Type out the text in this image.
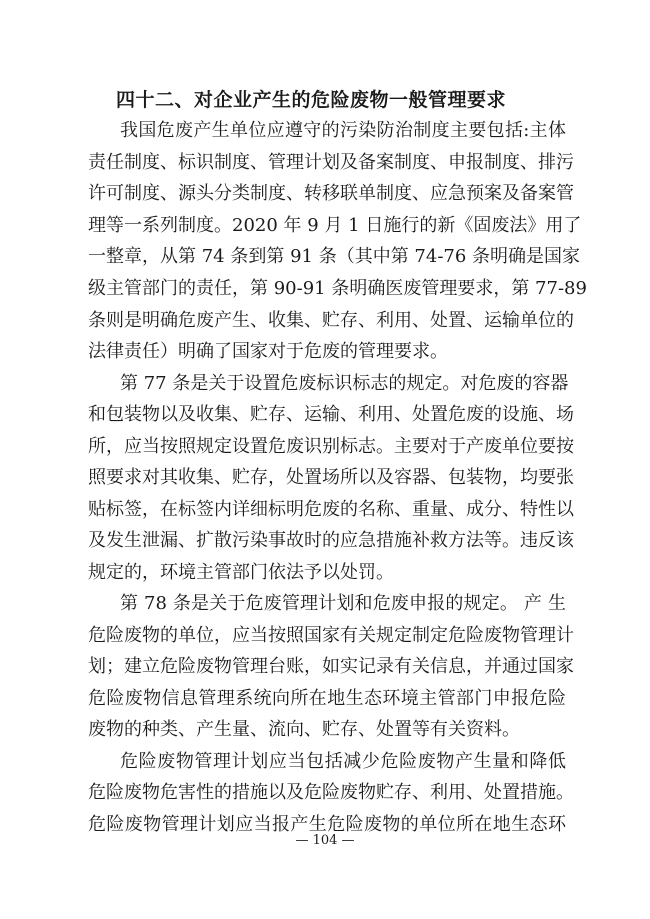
四十二、对企业产生的危险废物一般管理要求
我国危废产生单位应遵守的污染防治制度主要包括:主体
责任制度、标识制度、管理计划及备案制度、申报制度、排污
许可制度、源头分类制度、转移联单制度、应急预案及备案管
理等一系列制度。2020 年 9 月 1 日施行的新《固废法》用了
一整章，从第 74 条到第 91 条（其中第 74-76 条明确是国家
级主管部门的责任，第 90-91 条明确医废管理要求，第 77-89
条则是明确危废产生、收集、贮存、利用、处置、运输单位的
法律责任）明确了国家对于危废的管理要求。
第 77 条是关于设置危废标识标志的规定。对危废的容器
和包装物以及收集、贮存、运输、利用、处置危废的设施、场
所，应当按照规定设置危废识别标志。主要对于产废单位要按
照要求对其收集、贮存，处置场所以及容器、包装物，均要张
贴标签，在标签内详细标明危废的名称、重量、成分、特性以
及发生泄漏、扩散污染事故时的应急措施补救方法等。违反该
规定的，环境主管部门依法予以处罚。
第 78 条是关于危废管理计划和危废申报的规定。 产 生
危险废物的单位，应当按照国家有关规定制定危险废物管理计
划；建立危险废物管理台账，如实记录有关信息，并通过国家
危险废物信息管理系统向所在地生态环境主管部门申报危险
废物的种类、产生量、流向、贮存、处置等有关资料。
危险废物管理计划应当包括减少危险废物产生量和降低
危险废物危害性的措施以及危险废物贮存、利用、处置措施。
危险废物管理计划应当报产生危险废物的单位所在地生态环
— 104 —
